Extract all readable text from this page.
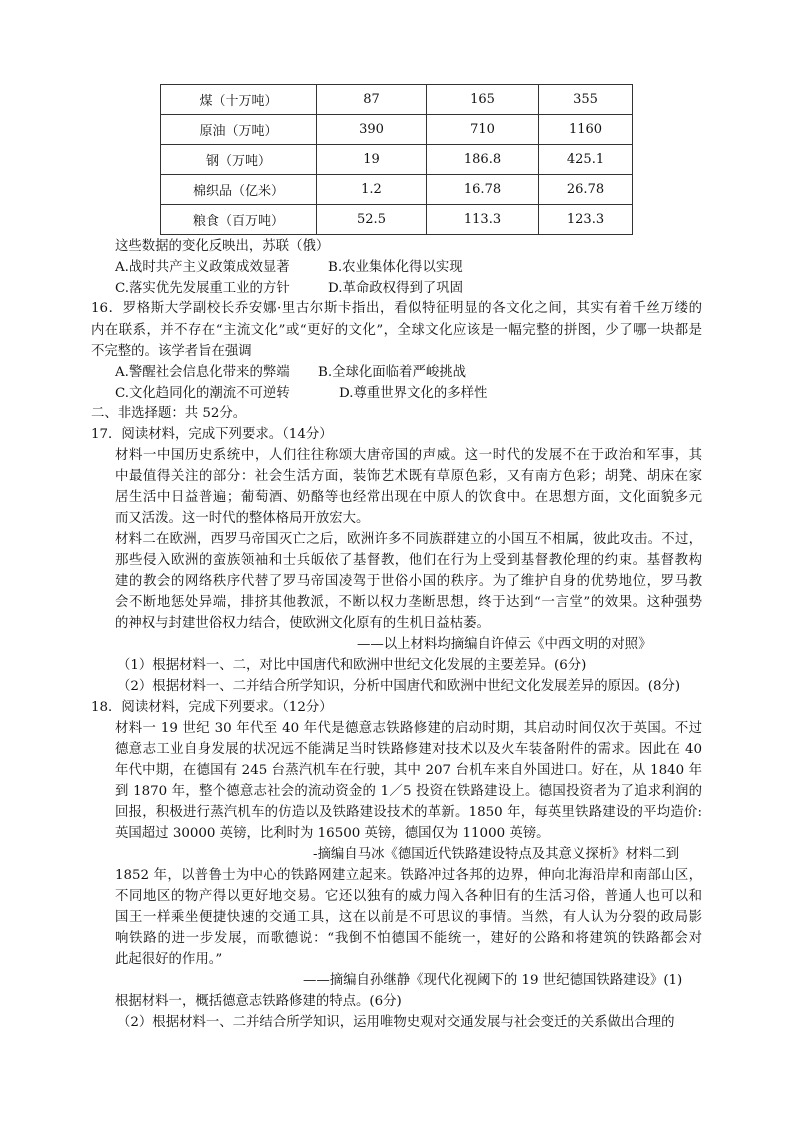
煤（十万吨）	87	165	355
原油（万吨）	390	710	1160
钢（万吨）	19	186.8	425.1
棉织品（亿米）	1.2	16.78	26.78
粮食（百万吨）	52.5	113.3	123.3
这些数据的变化反映出，苏联（俄）
A.战时共产主义政策成效显著	B.农业集体化得以实现
C.落实优先发展重工业的方针	D.革命政权得到了巩固
16．罗格斯大学副校长乔安娜·里古尔斯卡指出，看似特征明显的各文化之间，其实有着千丝万缕的
内在联系，并不存在“主流文化”或“更好的文化”，全球文化应该是一幅完整的拼图，少了哪一块都是
不完整的。该学者旨在强调
A.警醒社会信息化带来的弊端 B.全球化面临着严峻挑战
C.文化趋同化的潮流不可逆转	D.尊重世界文化的多样性
二、非选择题：共 52分。
17．阅读材料，完成下列要求。（14分）
材料一中国历史系统中，人们往往称颂大唐帝国的声威。这一时代的发展不在于政治和军事，其
中最值得关注的部分：社会生活方面，装饰艺术既有草原色彩，又有南方色彩；胡凳、胡床在家
居生活中日益普遍；葡萄酒、奶酪等也经常出现在中原人的饮食中。在思想方面，文化面貌多元
而又活泼。这一时代的整体格局开放宏大。
材料二在欧洲，西罗马帝国灭亡之后，欧洲许多不同族群建立的小国互不相属，彼此攻击。不过，
那些侵入欧洲的蛮族领袖和士兵皈依了基督教，他们在行为上受到基督教伦理的约束。基督教构
建的教会的网络秩序代替了罗马帝国凌驾于世俗小国的秩序。为了维护自身的优势地位，罗马教
会不断地惩处异端，排挤其他教派，不断以权力垄断思想，终于达到“一言堂”的效果。这种强势
的神权与封建世俗权力结合，使欧洲文化原有的生机日益枯萎。
——以上材料均摘编自许倬云《中西文明的对照》
（1）根据材料一、二，对比中国唐代和欧洲中世纪文化发展的主要差异。(6分)
（2）根据材料一、二并结合所学知识，分析中国唐代和欧洲中世纪文化发展差异的原因。(8分)
18．阅读材料，完成下列要求。（12分）
材料一 19 世纪 30 年代至 40 年代是德意志铁路修建的启动时期，其启动时间仅次于英国。不过
德意志工业自身发展的状况远不能满足当时铁路修建对技术以及火车装备附件的需求。因此在 40
年代中期，在德国有 245 台蒸汽机车在行驶，其中 207 台机车来自外国进口。好在，从 1840 年
到 1870 年，整个德意志社会的流动资金的 1／5 投资在铁路建设上。德国投资者为了追求利润的
回报，积极进行蒸汽机车的仿造以及铁路建设技术的革新。1850 年，每英里铁路建设的平均造价:
英国超过 30000 英镑，比利时为 16500 英镑，德国仅为 11000 英镑。
-摘编自马冰《德国近代铁路建设特点及其意义探析》材料二到
1852 年，以普鲁士为中心的铁路网建立起来。铁路冲过各邦的边界，伸向北海沿岸和南部山区，
不同地区的物产得以更好地交易。它还以独有的威力闯入各种旧有的生活习俗，普通人也可以和
国王一样乘坐便捷快速的交通工具，这在以前是不可思议的事情。当然，有人认为分裂的政局影
响铁路的进一步发展，而歌德说：“我倒不怕德国不能统一，建好的公路和将建筑的铁路都会对
此起很好的作用。”
——摘编自孙继静《现代化视阈下的 19 世纪德国铁路建设》(1)
根据材料一，概括德意志铁路修建的特点。(6分)
（2）根据材料一、二并结合所学知识，运用唯物史观对交通发展与社会变迁的关系做出合理的
